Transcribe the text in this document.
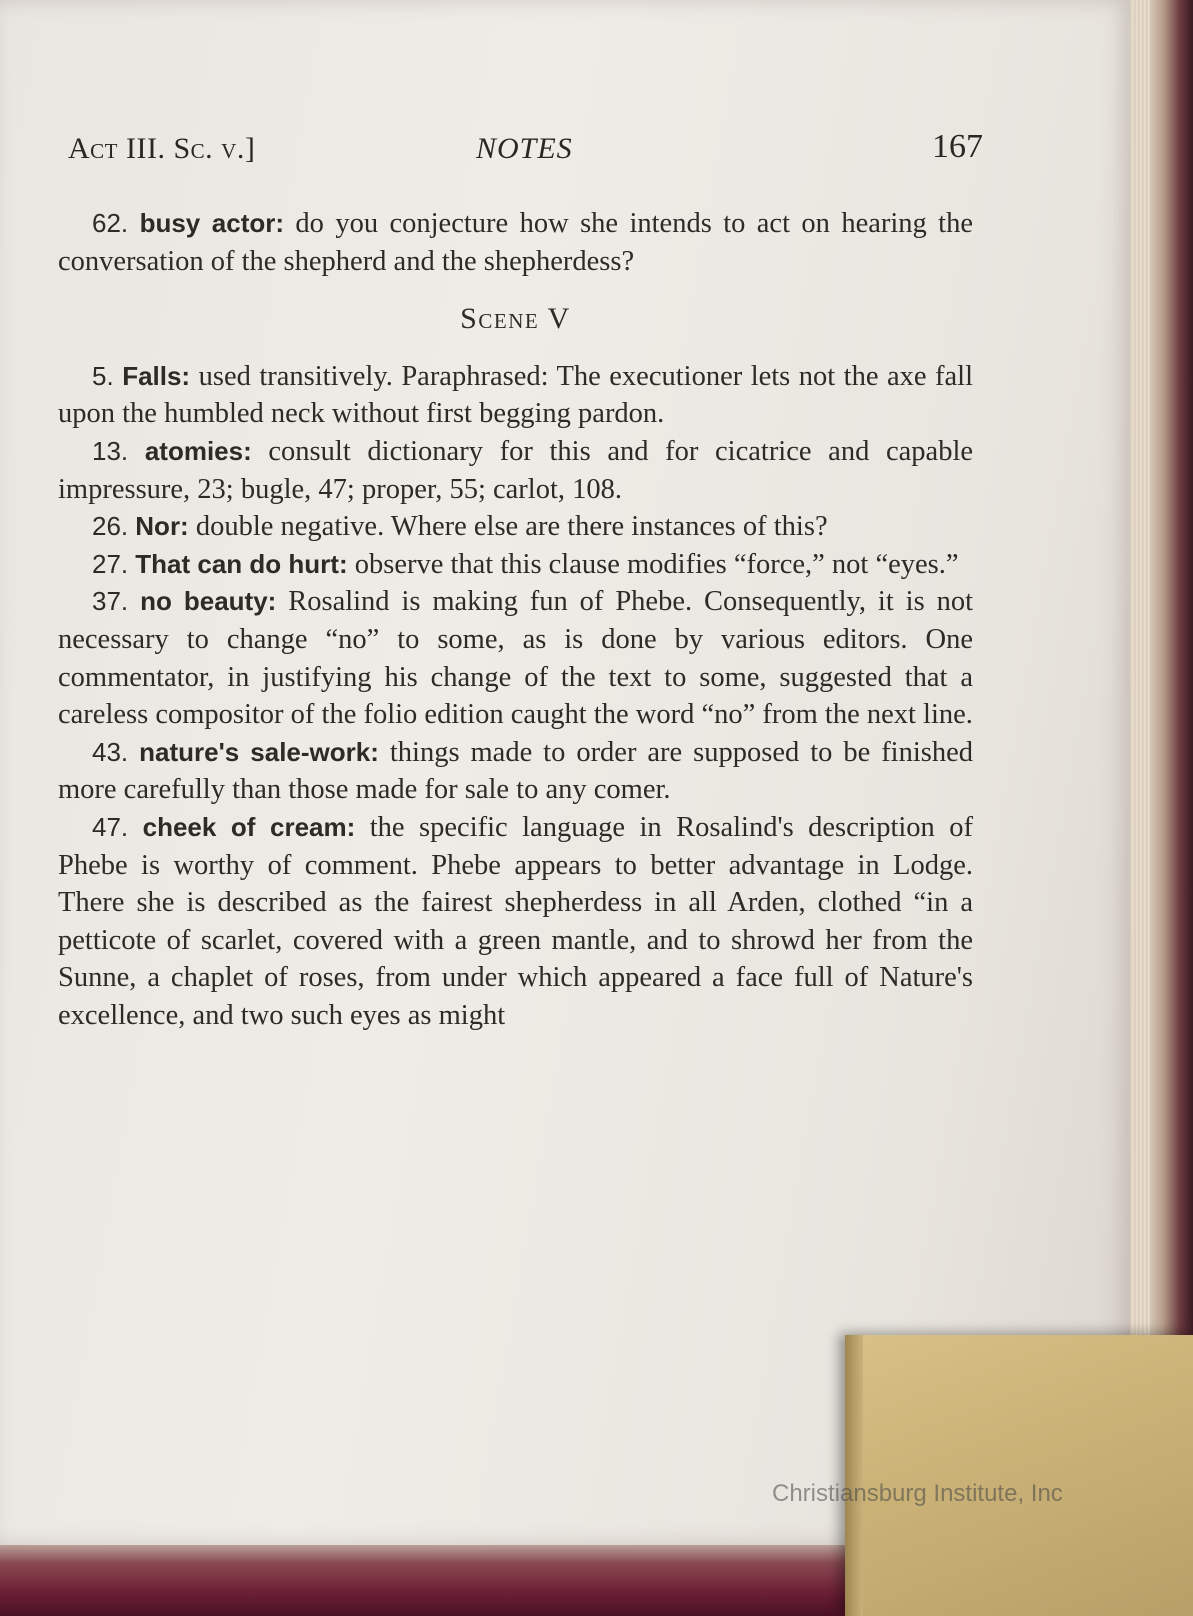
Act III. Sc. v.]	NOTES	167

62. busy actor: do you conjecture how she intends to act on hearing the conversation of the shepherd and the shepherdess?

Scene V

5. Falls: used transitively. Paraphrased: The executioner lets not the axe fall upon the humbled neck without first begging pardon.

13. atomies: consult dictionary for this and for cicatrice and capable impressure, 23; bugle, 47; proper, 55; carlot, 108.

26. Nor: double negative. Where else are there instances of this?

27. That can do hurt: observe that this clause modifies “force,” not “eyes.”

37. no beauty: Rosalind is making fun of Phebe. Consequently, it is not necessary to change “no” to some, as is done by various editors. One commentator, in justifying his change of the text to some, suggested that a careless compositor of the folio edition caught the word “no” from the next line.

43. nature's sale-work: things made to order are supposed to be finished more carefully than those made for sale to any comer.

47. cheek of cream: the specific language in Rosalind's description of Phebe is worthy of comment. Phebe appears to better advantage in Lodge. There she is described as the fairest shepherdess in all Arden, clothed “in a petticote of scarlet, covered with a green mantle, and to shrowd her from the Sunne, a chaplet of roses, from under which appeared a face full of Nature's excellence, and two such eyes as might

Christiansburg Institute, Inc
